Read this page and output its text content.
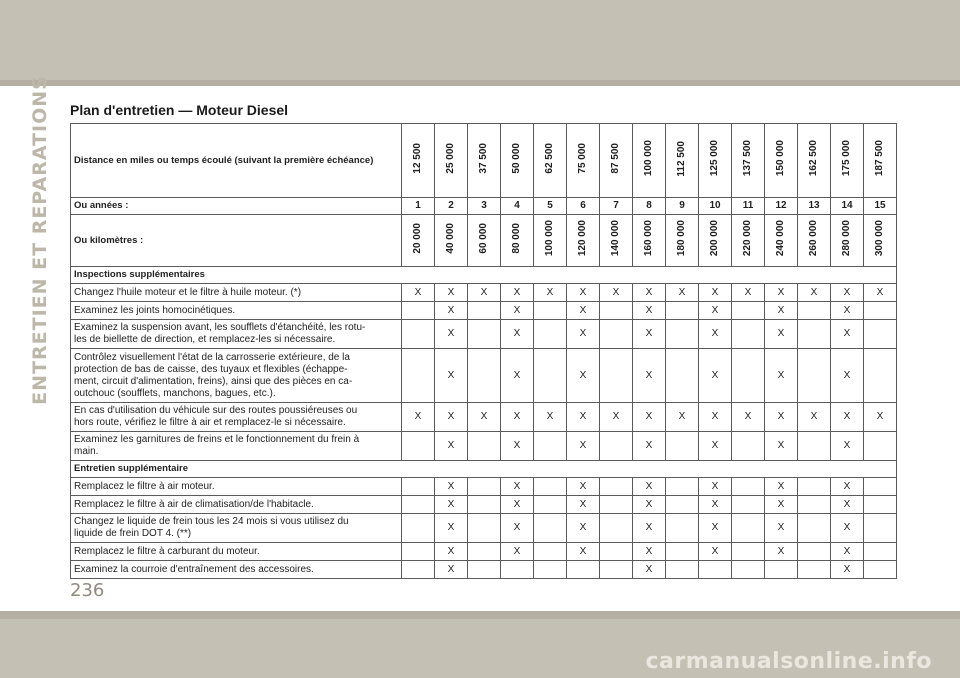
ENTRETIEN ET REPARATIONS Plan d'entretien — Moteur Diesel
Distance en miles ou temps écoulé (suivant la première échéance)	12 500	25 000	37 500	50 000	62 500	75 000	87 500	100 000	112 500	125 000	137 500	150 000	162 500	175 000	187 500
Ou années :	1	2	3	4	5	6	7	8	9	10	11	12	13	14	15
Ou kilomètres :	20 000	40 000	60 000	80 000	100 000	120 000	140 000	160 000	180 000	200 000	220 000	240 000	260 000	280 000	300 000
Inspections supplémentaires															
Changez l'huile moteur et le filtre à huile moteur. (*)	X	X	X	X	X	X	X	X	X	X	X	X	X	X	X
Examinez les joints homocinétiques.		X		X		X		X		X		X		X	
Examinez la suspension avant, les soufflets d'étanchéité, les rotu-
les de biellette de direction, et remplacez-les si nécessaire.		X		X		X		X		X		X		X	
Contrôlez visuellement l'état de la carrosserie extérieure, de la
protection de bas de caisse, des tuyaux et flexibles (échappe-
ment, circuit d'alimentation, freins), ainsi que des pièces en ca-
outchouc (soufflets, manchons, bagues, etc.).		X		X		X		X		X		X		X	
En cas d'utilisation du véhicule sur des routes poussiéreuses ou
hors route, vérifiez le filtre à air et remplacez-le si nécessaire.	X	X	X	X	X	X	X	X	X	X	X	X	X	X	X
Examinez les garnitures de freins et le fonctionnement du frein à
main.		X		X		X		X		X		X		X	
Entretien supplémentaire															
Remplacez le filtre à air moteur.		X		X		X		X		X		X		X	
Remplacez le filtre à air de climatisation/de l'habitacle.		X		X		X		X		X		X		X	
Changez le liquide de frein tous les 24 mois si vous utilisez du
liquide de frein DOT 4. (**)		X		X		X		X		X		X		X	
Remplacez le filtre à carburant du moteur.		X		X		X		X		X		X		X	
Examinez la courroie d'entraînement des accessoires.		X						X						X	
236
carmanualsonline.info
